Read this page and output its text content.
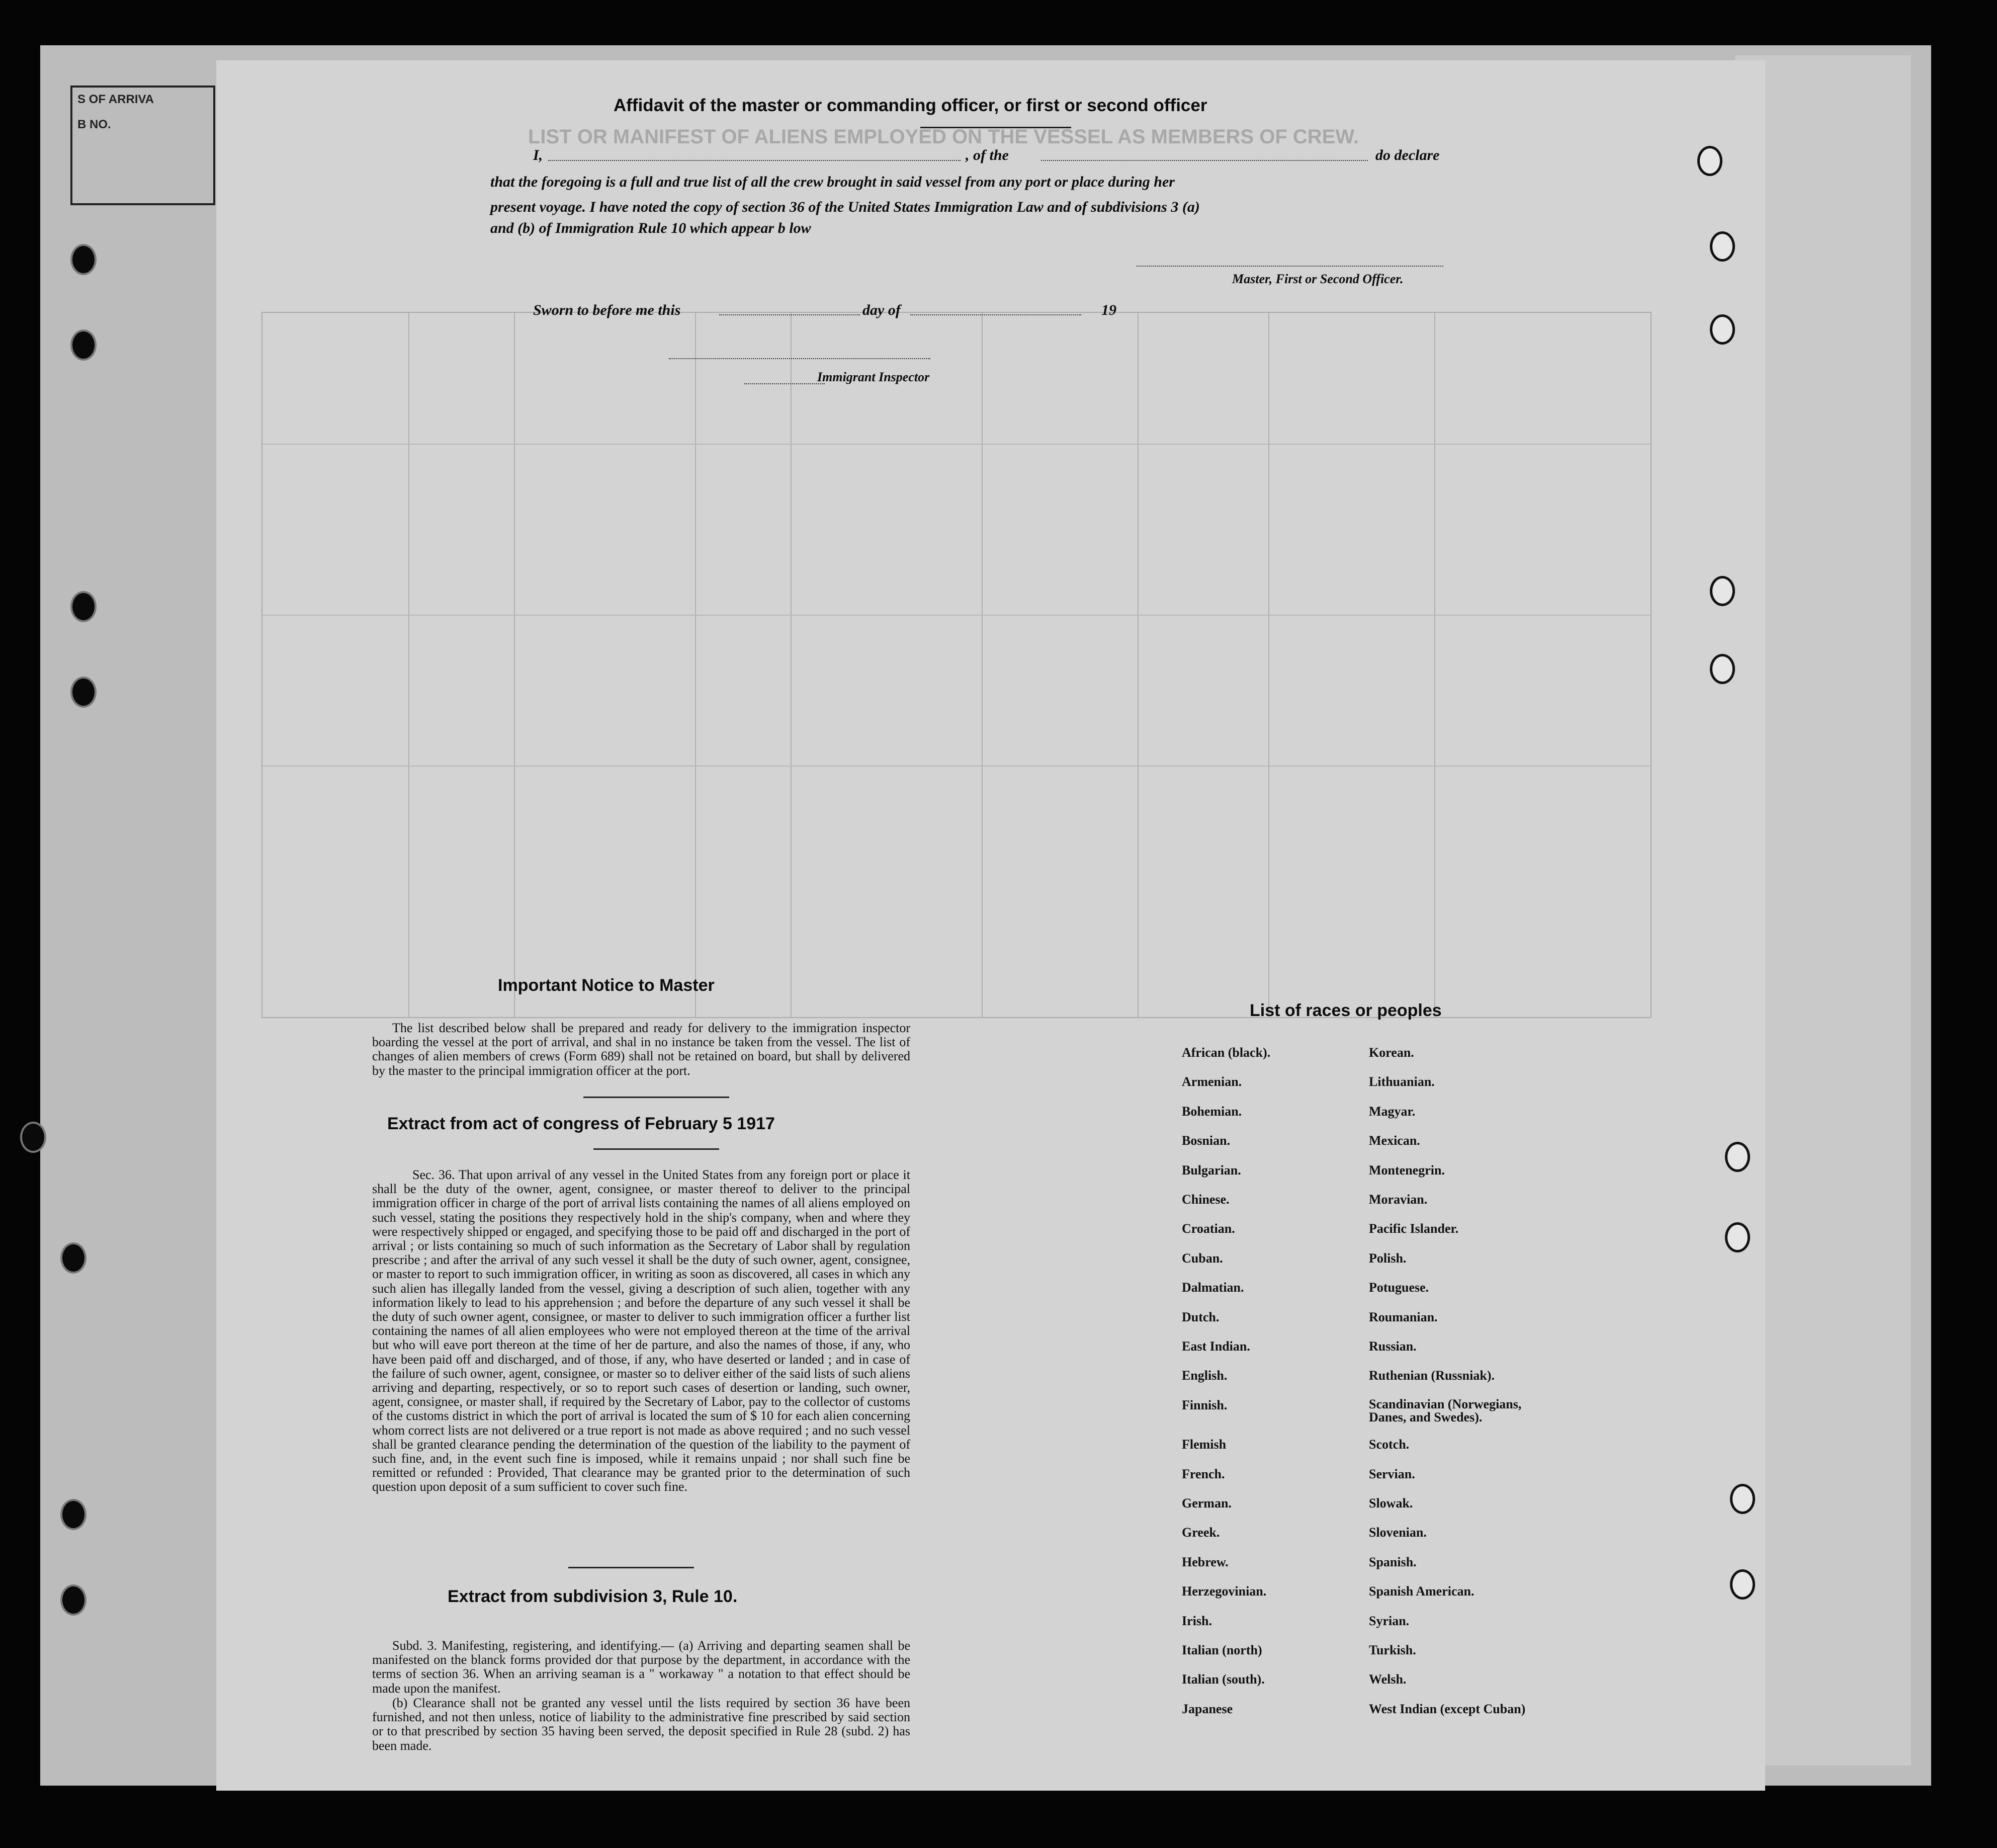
S OF ARRIVA
B NO.
LIST OR MANIFEST OF ALIENS EMPLOYED ON THE VESSEL AS MEMBERS OF CREW.
Affidavit of the master or commanding officer, or first or second officer
I,	, of the	do declare
that the foregoing is a full and true list of all the crew brought in said vessel from any port or place during her
present voyage. I have noted the copy of section 36 of the United States Immigration Law and of subdivisions 3 (a)
and (b) of Immigration Rule 10 which appear b low
Master, First or Second Officer.
Sworn to before me this	day of	19
Immigrant Inspector
Important Notice to Master
The list described below shall be prepared and ready for delivery to the immigration inspector boarding the vessel at the port of arrival, and shal in no instance be taken from the vessel. The list of changes of alien members of crews (Form 689) shall not be retained on board, but shall by delivered by the master to the principal immigration officer at the port.
Extract from act of congress of February 5 1917
Sec. 36. That upon arrival of any vessel in the United States from any foreign port or place it shall be the duty of the owner, agent, consignee, or master thereof to deliver to the principal immigration officer in charge of the port of arrival lists containing the names of all aliens employed on such vessel, stating the positions they respectively hold in the ship's company, when and where they were respectively shipped or engaged, and specifying those to be paid off and discharged in the port of arrival ; or lists containing so much of such information as the Secretary of Labor shall by regulation prescribe ; and after the arrival of any such vessel it shall be the duty of such owner, agent, consignee, or master to report to such immigration officer, in writing as soon as discovered, all cases in which any such alien has illegally landed from the vessel, giving a description of such alien, together with any information likely to lead to his apprehension ; and before the departure of any such vessel it shall be the duty of such owner agent, consignee, or master to deliver to such immigration officer a further list containing the names of all alien employees who were not employed thereon at the time of the arrival but who will eave port thereon at the time of her de parture, and also the names of those, if any, who have been paid off and discharged, and of those, if any, who have deserted or landed ; and in case of the failure of such owner, agent, consignee, or master so to deliver either of the said lists of such aliens arriving and departing, respectively, or so to report such cases of desertion or landing, such owner, agent, consignee, or master shall, if required by the Secretary of Labor, pay to the collector of customs of the customs district in which the port of arrival is located the sum of $ 10 for each alien concerning whom correct lists are not delivered or a true report is not made as above required ; and no such vessel shall be granted clearance pending the determination of the question of the liability to the payment of such fine, and, in the event such fine is imposed, while it remains unpaid ; nor shall such fine be remitted or refunded : Provided, That clearance may be granted prior to the determination of such question upon deposit of a sum sufficient to cover such fine.
Extract from subdivision 3, Rule 10.
Subd. 3. Manifesting, registering, and identifying.— (a) Arriving and departing seamen shall be manifested on the blanck forms provided dor that purpose by the department, in accordance with the terms of section 36. When an arriving seaman is a " workaway " a notation to that effect should be made upon the manifest.
(b) Clearance shall not be granted any vessel until the lists required by section 36 have been furnished, and not then unless, notice of liability to the administrative fine prescribed by said section or to that prescribed by section 35 having been served, the deposit specified in Rule 28 (subd. 2) has been made.
List of races or peoples
African (black).
Armenian.
Bohemian.
Bosnian.
Bulgarian.
Chinese.
Croatian.
Cuban.
Dalmatian.
Dutch.
East Indian.
English.
Finnish.
Flemish
French.
German.
Greek.
Hebrew.
Herzegovinian.
Irish.
Italian (north)
Italian (south).
Japanese
Korean.
Lithuanian.
Magyar.
Mexican.
Montenegrin.
Moravian.
Pacific Islander.
Polish.
Potuguese.
Roumanian.
Russian.
Ruthenian (Russniak).
Scandinavian (Norwegians, Danes, and Swedes).
Scotch.
Servian.
Slowak.
Slovenian.
Spanish.
Spanish American.
Syrian.
Turkish.
Welsh.
West Indian (except Cuban)
